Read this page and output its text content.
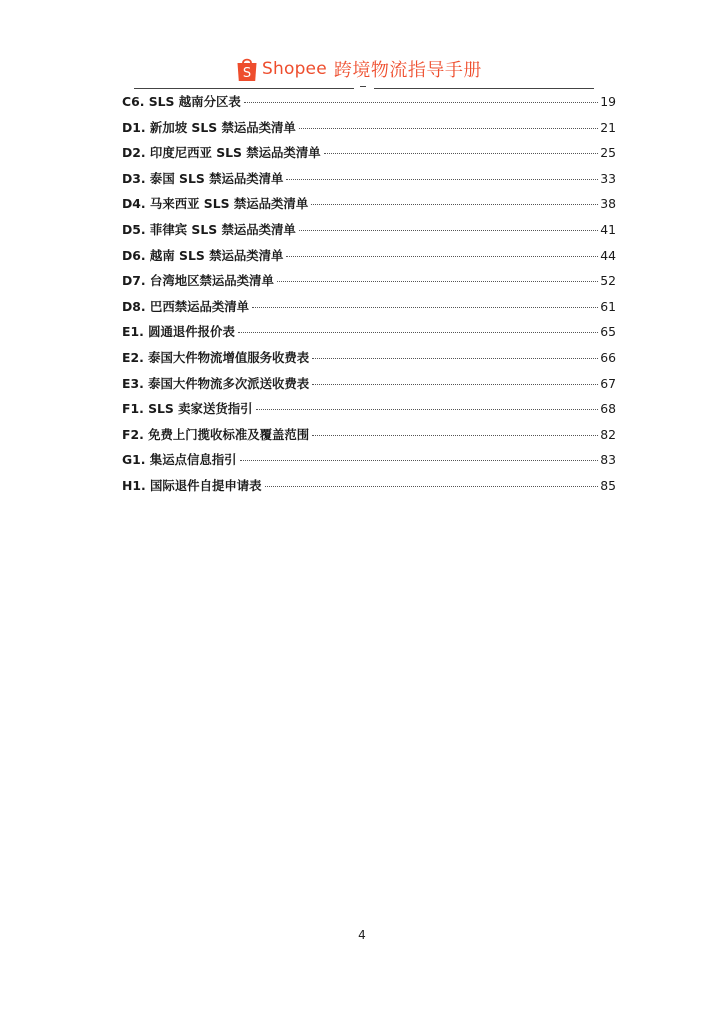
S Shopee 跨境物流指导手册
C6. SLS 越南分区表	19
D1. 新加坡 SLS 禁运品类清单	21
D2. 印度尼西亚 SLS 禁运品类清单	25
D3. 泰国 SLS 禁运品类清单	33
D4. 马来西亚 SLS 禁运品类清单	38
D5. 菲律宾 SLS 禁运品类清单	41
D6. 越南 SLS 禁运品类清单	44
D7. 台湾地区禁运品类清单	52
D8. 巴西禁运品类清单	61
E1. 圆通退件报价表	65
E2. 泰国大件物流增值服务收费表	66
E3. 泰国大件物流多次派送收费表	67
F1. SLS 卖家送货指引	68
F2. 免费上门揽收标准及覆盖范围	82
G1. 集运点信息指引	83
H1. 国际退件自提申请表	85
4
